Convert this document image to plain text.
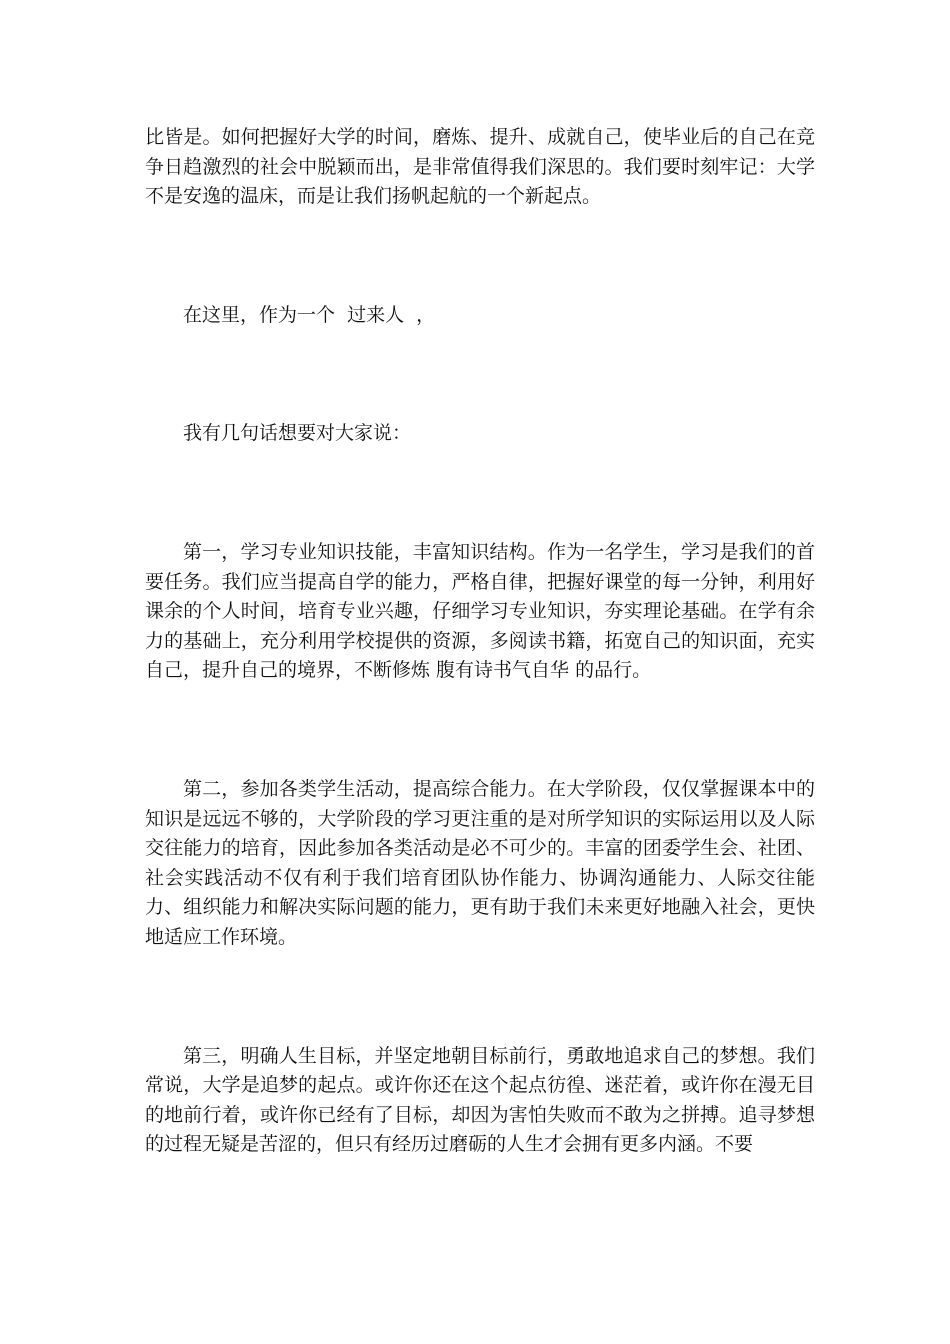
比皆是。如何把握好大学的时间，磨炼、提升、成就自己，使毕业后的自己在竞争日趋激烈的社会中脱颖而出，是非常值得我们深思的。我们要时刻牢记：大学不是安逸的温床，而是让我们扬帆起航的一个新起点。

在这里，作为一个  过来人  ，

我有几句话想要对大家说：

第一，学习专业知识技能，丰富知识结构。作为一名学生，学习是我们的首要任务。我们应当提高自学的能力，严格自律，把握好课堂的每一分钟，利用好课余的个人时间，培育专业兴趣，仔细学习专业知识，夯实理论基础。在学有余力的基础上，充分利用学校提供的资源，多阅读书籍，拓宽自己的知识面，充实自己，提升自己的境界，不断修炼 腹有诗书气自华 的品行。

第二，参加各类学生活动，提高综合能力。在大学阶段，仅仅掌握课本中的知识是远远不够的，大学阶段的学习更注重的是对所学知识的实际运用以及人际交往能力的培育，因此参加各类活动是必不可少的。丰富的团委学生会、社团、社会实践活动不仅有利于我们培育团队协作能力、协调沟通能力、人际交往能力、组织能力和解决实际问题的能力，更有助于我们未来更好地融入社会，更快地适应工作环境。

第三，明确人生目标，并坚定地朝目标前行，勇敢地追求自己的梦想。我们常说，大学是追梦的起点。或许你还在这个起点彷徨、迷茫着，或许你在漫无目的地前行着，或许你已经有了目标，却因为害怕失败而不敢为之拼搏。追寻梦想的过程无疑是苦涩的，但只有经历过磨砺的人生才会拥有更多内涵。不要
